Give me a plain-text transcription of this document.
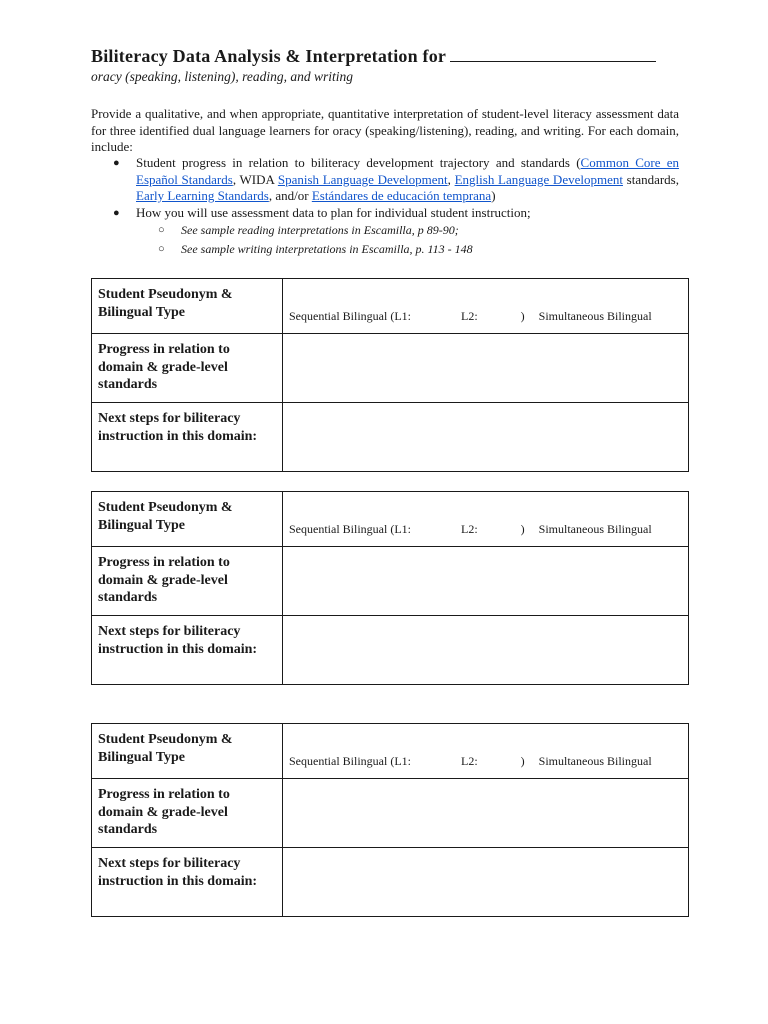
Biliteracy Data Analysis & Interpretation for
oracy (speaking, listening), reading, and writing
Provide a qualitative, and when appropriate, quantitative interpretation of student-level literacy assessment data for three identified dual language learners for oracy (speaking/listening), reading, and writing. For each domain, include:
● Student progress in relation to biliteracy development trajectory and standards (Common Core en Español Standards, WIDA Spanish Language Development, English Language Development standards, Early Learning Standards, and/or Estándares de educación temprana)
● How you will use assessment data to plan for individual student instruction;
○ See sample reading interpretations in Escamilla, p 89-90;
○ See sample writing interpretations in Escamilla, p. 113 - 148
Student Pseudonym & Bilingual Type	Sequential Bilingual (L1: L2: ) Simultaneous Bilingual

Progress in relation to domain & grade-level standards	
Next steps for biliteracy instruction in this domain:	
Student Pseudonym & Bilingual Type	Sequential Bilingual (L1: L2: ) Simultaneous Bilingual

Progress in relation to domain & grade-level standards	
Next steps for biliteracy instruction in this domain:	
Student Pseudonym & Bilingual Type	Sequential Bilingual (L1: L2: ) Simultaneous Bilingual

Progress in relation to domain & grade-level standards	
Next steps for biliteracy instruction in this domain:	
